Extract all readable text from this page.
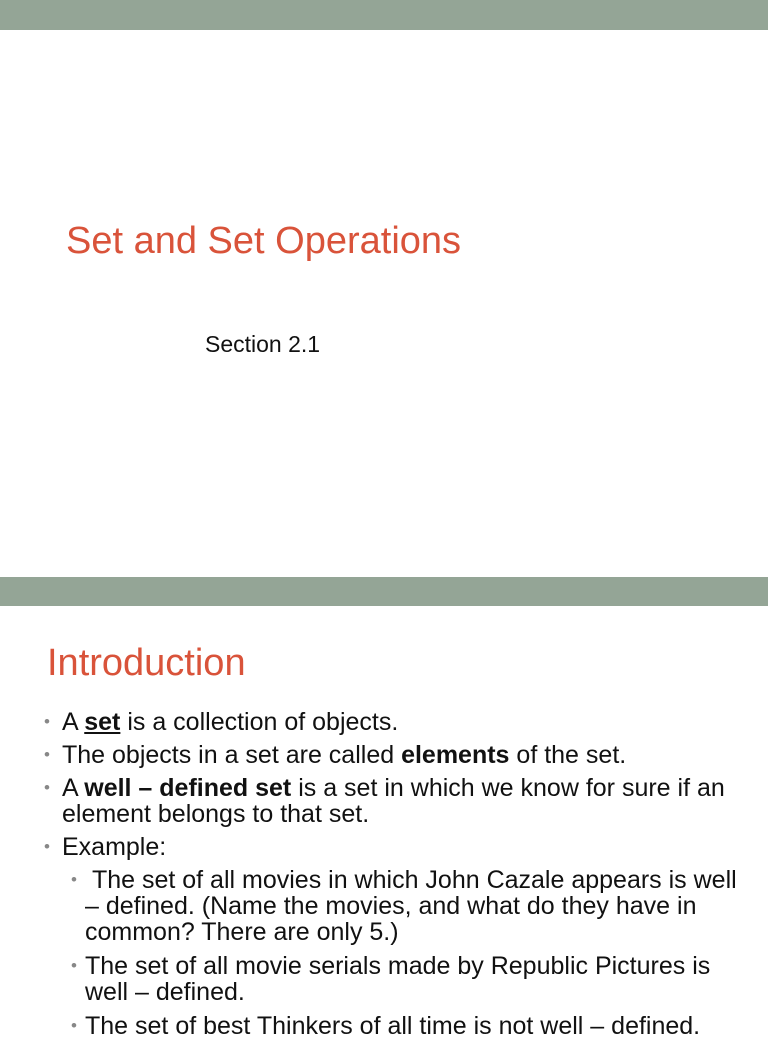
Set and Set Operations
Section 2.1
Introduction
• A set is a collection of objects.
• The objects in a set are called elements of the set.
• A well – defined set is a set in which we know for sure if an element belongs to that set.
• Example:
• The set of all movies in which John Cazale appears is well – defined. (Name the movies, and what do they have in common? There are only 5.)
• The set of all movie serials made by Republic Pictures is well – defined.
• The set of best Thinkers of all time is not well – defined.
